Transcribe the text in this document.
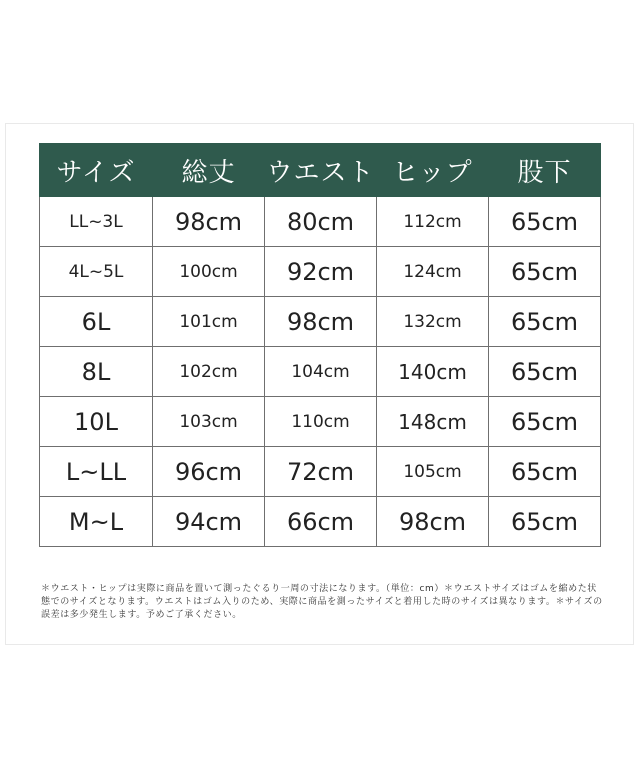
サイズ	総丈	ウエスト	ヒップ	股下
LL~3L	98cm	80cm	112cm	65cm
4L~5L	100cm	92cm	124cm	65cm
6L	101cm	98cm	132cm	65cm
8L	102cm	104cm	140cm	65cm
10L	103cm	110cm	148cm	65cm
L~LL	96cm	72cm	105cm	65cm
M~L	94cm	66cm	98cm	65cm
＊ウエスト・ヒップは実際に商品を置いて測ったぐるり一周の寸法になります。（単位：cm）＊ウエストサイズはゴムを縮めた状態でのサイズとなります。ウエストはゴム入りのため、実際に商品を測ったサイズと着用した時のサイズは異なります。＊サイズの誤差は多少発生します。予めご了承ください。
